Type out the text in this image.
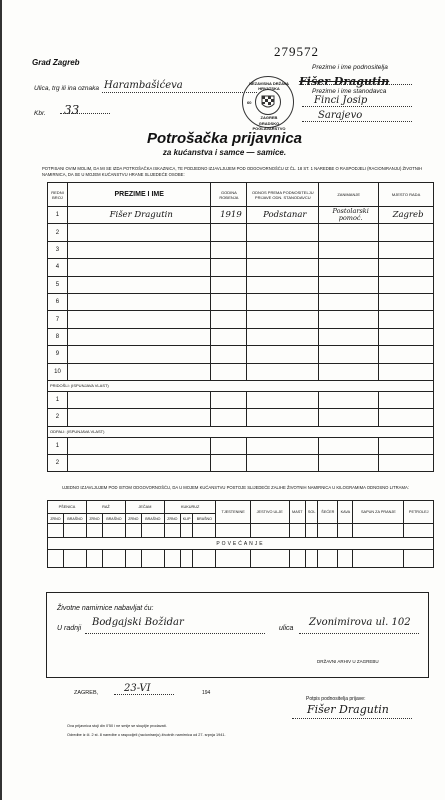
Grad Zagreb
279572
Ulica, trg ili ina oznaka Harambašićeva
Kbr. 33
NEZAVISNA DRŽAVA HRVATSKA
60
ZAGREB
GRADSKO POGLAVARSTVO
Prezime i ime podnositelja
Fišer Dragutin
Prezime i ime stanodavca
Finci Josip
Sarajevo
Potrošačka prijavnica
za kućanstva i samce — samice.
POTPISANI OVIM MOLIM, DA MI SE IZDA POTROŠAČKA ISKAZNICA, TE PODJEDNO IZJAVLJUJEM POD ODGOVORNOŠĆU IZ ČL. 18 ST. 1 NAREDBE O RASPODJELI (RACIONIRANJU) ŽIVOTNIH NAMIRNICA, DA SE U MOJEM KUĆANSTVU HRANE SLIJEDEĆE OSOBE:
REDNI BROJ	PREZIME I IME	GODINA ROĐENJA	ODNOS PREMA PODNOSITELJU PRIJAVE ODN. STANODAVCU	ZANIMANJE	MJESTO RADA
1	Fišer Dragutin	1919	Podstanar	Postolarski pomoć.	Zagreb
2					
3					
4					
5					
6					
7					
8					
9					
10					
PRIDOŠLI: (ISPUNJAVA VLAST)					
1					
2					
ODPALI: (ISPUNJAVA VLAST)					
1					
2					
UJEDNO IZJAVLJUJEM POD ISTOM ODGOVORNOŠĆU, DA U MOJEM KUĆANSTVU POSTOJE SLIJEDEĆE ZALIHE ŽIVOTNIH NAMIRNICA U KILOGRAMIMA ODNOSNO LITRAMA:
PŠENICA		RAŽ		JEČAM		KUKURUZ			TJESTENINE	JESTIVO ULJE	MAST	SOL	ŠEĆER	KAVA	SAPUN ZA PRANJE	PETROLEJ
ZRNO	BRAŠNO	ZRNO	BRAŠNO	ZRNO	BRAŠNO	ZRNO	KLIP	BRAŠNO								

POVEĆANJE																

Životne namirnice nabavljat ću:
U radnji
Bodgajski Božidar
ulica
Zvonimirova ul. 102
DRŽAVNI ARHIV U ZAGREBU
ZAGREB,	23-VI	194
Potpis podnositelja prijave:
Fišer Dragutin
Ova prijavnica stoji din 0'50 i ne smije se skupljie prodavati.
Odredbe iz čl. 2 st. 8 naredbe o raspodjeli (racioniranju) životnih namirnica od 27. srpnja 1941.
